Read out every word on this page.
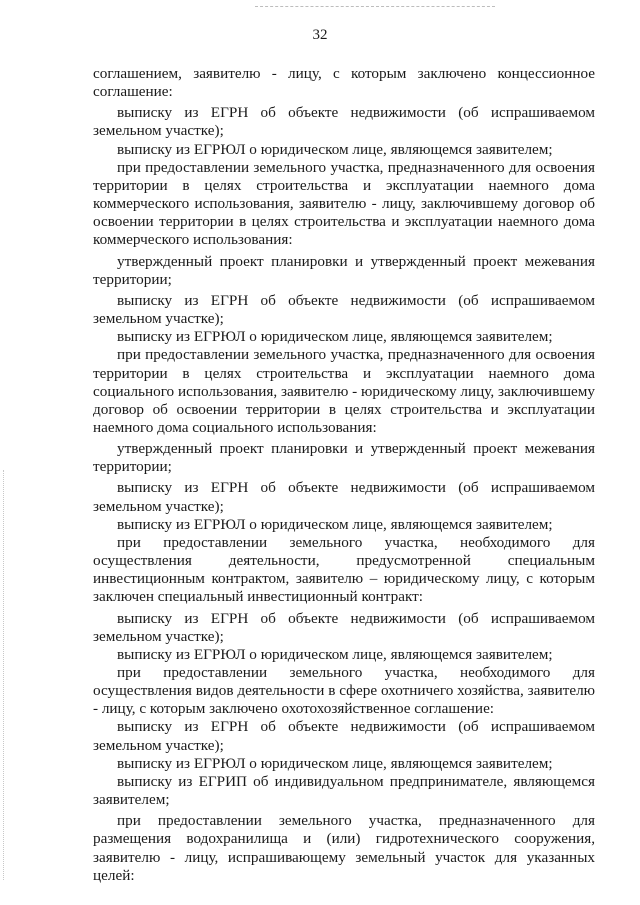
32

соглашением, заявителю - лицу, с которым заключено концессионное соглашение:

выписку из ЕГРН об объекте недвижимости (об испрашиваемом земельном участке);

выписку из ЕГРЮЛ о юридическом лице, являющемся заявителем;

при предоставлении земельного участка, предназначенного для освоения территории в целях строительства и эксплуатации наемного дома коммерческого использования, заявителю - лицу, заключившему договор об освоении территории в целях строительства и эксплуатации наемного дома коммерческого использования:

утвержденный проект планировки и утвержденный проект межевания территории;

выписку из ЕГРН об объекте недвижимости (об испрашиваемом земельном участке);

выписку из ЕГРЮЛ о юридическом лице, являющемся заявителем;

при предоставлении земельного участка, предназначенного для освоения территории в целях строительства и эксплуатации наемного дома социального использования, заявителю - юридическому лицу, заключившему договор об освоении территории в целях строительства и эксплуатации наемного дома социального использования:

утвержденный проект планировки и утвержденный проект межевания территории;

выписку из ЕГРН об объекте недвижимости (об испрашиваемом земельном участке);

выписку из ЕГРЮЛ о юридическом лице, являющемся заявителем;

при предоставлении земельного участка, необходимого для осуществления деятельности, предусмотренной специальным инвестиционным контрактом, заявителю – юридическому лицу, с которым заключен специальный инвестиционный контракт:

выписку из ЕГРН об объекте недвижимости (об испрашиваемом земельном участке);

выписку из ЕГРЮЛ о юридическом лице, являющемся заявителем;

при предоставлении земельного участка, необходимого для осуществления видов деятельности в сфере охотничего хозяйства, заявителю - лицу, с которым заключено охотохозяйственное соглашение:

выписку из ЕГРН об объекте недвижимости (об испрашиваемом земельном участке);

выписку из ЕГРЮЛ о юридическом лице, являющемся заявителем;

выписку из ЕГРИП об индивидуальном предпринимателе, являющемся заявителем;

при предоставлении земельного участка, предназначенного для размещения водохранилища и (или) гидротехнического сооружения, заявителю - лицу, испрашивающему земельный участок для указанных целей:
